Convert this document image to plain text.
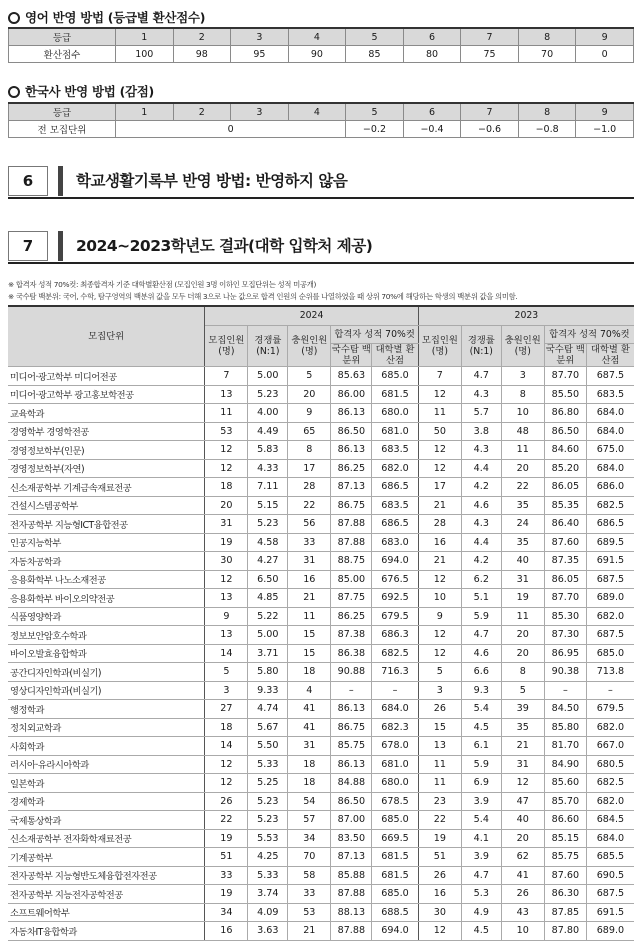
영어 반영 방법 (등급별 환산점수)
등급	1	2	3	4	5	6	7	8	9
환산점수	100	98	95	90	85	80	75	70	0
한국사 반영 방법 (감점)
등급	1	2	3	4	5	6	7	8	9
전 모집단위	0				−0.2	−0.4	−0.6	−0.8	−1.0
6	학교생활기록부 반영 방법: 반영하지 않음
7	2024~2023학년도 결과(대학 입학처 제공)
※ 합격자 성적 70%컷: 최종합격자 기준 대학별환산점 (모집인원 3명 이하인 모집단위는 성적 미공개)
※ 국수탐 백분위: 국어, 수학, 탐구영역의 백분위 값을 모두 더해 3으로 나눈 값으로 합격 인원의 순위를 나열하였을 때 상위 70%에 해당하는 학생의 백분위 값을 의미함.
모집단위	2024					2023				
	모집인원(명)	경쟁률(N:1)	충원인원(명)	합격자 성적 70%컷		모집인원(명)	경쟁률(N:1)	충원인원(명)	합격자 성적 70%컷	
				국수탐 백분위	대학별 환산점				국수탐 백분위	대학별 환산점
미디어·광고학부 미디어전공	7	5.00	5	85.63	685.0	7	4.7	3	87.70	687.5
미디어·광고학부 광고홍보학전공	13	5.23	20	86.00	681.5	12	4.3	8	85.50	683.5
교육학과	11	4.00	9	86.13	680.0	11	5.7	10	86.80	684.0
경영학부 경영학전공	53	4.49	65	86.50	681.0	50	3.8	48	86.50	684.0
경영정보학부(인문)	12	5.83	8	86.13	683.5	12	4.3	11	84.60	675.0
경영정보학부(자연)	12	4.33	17	86.25	682.0	12	4.4	20	85.20	684.0
신소재공학부 기계금속재료전공	18	7.11	28	87.13	686.5	17	4.2	22	86.05	686.0
건설시스템공학부	20	5.15	22	86.75	683.5	21	4.6	35	85.35	682.5
전자공학부 지능형ICT융합전공	31	5.23	56	87.88	686.5	28	4.3	24	86.40	686.5
인공지능학부	19	4.58	33	87.88	683.0	16	4.4	35	87.60	689.5
자동차공학과	30	4.27	31	88.75	694.0	21	4.2	40	87.35	691.5
응용화학부 나노소재전공	12	6.50	16	85.00	676.5	12	6.2	31	86.05	687.5
응용화학부 바이오의약전공	13	4.85	21	87.75	692.5	10	5.1	19	87.70	689.0
식품영양학과	9	5.22	11	86.25	679.5	9	5.9	11	85.30	682.0
정보보안암호수학과	13	5.00	15	87.38	686.3	12	4.7	20	87.30	687.5
바이오발효융합학과	14	3.71	15	86.38	682.5	12	4.6	20	86.95	685.0
공간디자인학과(비실기)	5	5.80	18	90.88	716.3	5	6.6	8	90.38	713.8
영상디자인학과(비실기)	3	9.33	4	–	–	3	9.3	5	–	–
행정학과	27	4.74	41	86.13	684.0	26	5.4	39	84.50	679.5
정치외교학과	18	5.67	41	86.75	682.3	15	4.5	35	85.80	682.0
사회학과	14	5.50	31	85.75	678.0	13	6.1	21	81.70	667.0
러시아·유라시아학과	12	5.33	18	86.13	681.0	11	5.9	31	84.90	680.5
일본학과	12	5.25	18	84.88	680.0	11	6.9	12	85.60	682.5
경제학과	26	5.23	54	86.50	678.5	23	3.9	47	85.70	682.0
국제통상학과	22	5.23	57	87.00	685.0	22	5.4	40	86.60	684.5
신소재공학부 전자화학재료전공	19	5.53	34	83.50	669.5	19	4.1	20	85.15	684.0
기계공학부	51	4.25	70	87.13	681.5	51	3.9	62	85.75	685.5
전자공학부 지능형반도체융합전자전공	33	5.33	58	85.88	681.5	26	4.7	41	87.60	690.5
전자공학부 지능전자공학전공	19	3.74	33	87.88	685.0	16	5.3	26	86.30	687.5
소프트웨어학부	34	4.09	53	88.13	688.5	30	4.9	43	87.85	691.5
자동차IT융합학과	16	3.63	21	87.88	694.0	12	4.5	10	87.80	689.0
